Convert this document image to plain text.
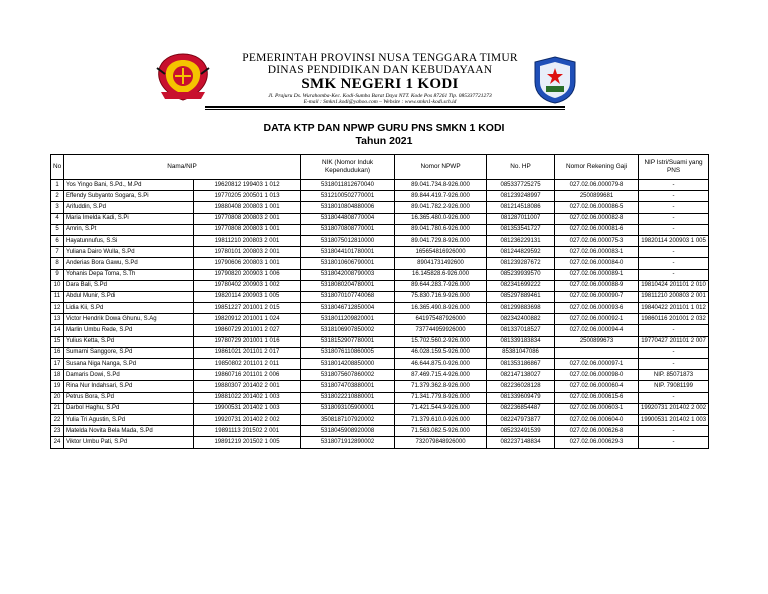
PEMERINTAH PROVINSI NUSA TENGGARA TIMUR
DINAS PENDIDIKAN DAN KEBUDAYAAN
SMK NEGERI 1 KODI
Jl. Prajuru Ds. Wurahomba-Kec. Kodi-Sumba Barat Daya NTT. Kode Pos 87261 Tlp. 085337721273
E-mail : Smkn1.kodi@yahoo.com – Website : www.smkn1-kodi.sch.id
DATA KTP DAN NPWP GURU PNS SMKN 1 KODI
Tahun 2021
No	Nama/NIP		NIK (Nomor Induk Kependudukan)	Nomor NPWP	No. HP	Nomor Rekening Gaji	NIP Istri/Suami yang PNS
1	Yos Yingo Bani, S.Pd., M.Pd	19620812 199403 1 012	5318011812670040	89.041.734.8-926.000	085337725275	027.02.06.000079-8	-
2	Effendy Subyanto Sogara, S.Pi	19770205 200501 1 013	5312100502770001	89.844.419.7-926.000	081239248997	2500899681	-
3	Arifuddin, S.Pd	19880408 200803 1 001	5318010804880006	89.041.782.2-926.000	081214518086	027.02.06.000086-5	-
4	Maria Imelda Kadi, S.Pi	19770808 200803 2 001	5318044808770004	16.365.480.0-926.000	081287011007	027.02.06.000082-8	-
5	Amrin, S.Pt	19770808 200803 1 001	5318070808770001	89.041.780.6-926.000	081353541727	027.02.06.000081-6	-
6	Hayatunnufus, S.Si	19811210 200803 2 001	5318075012810000	89.041.729.8-926.000	081236229131	027.02.06.000075-3	19820114 200903 1 005
7	Yuliana Dairo Wulla, S.Pd	19780101 200803 2 001	5318044101780001	165654816926000	081244829592	027.02.06.000083-1	-
8	Anderias Bora Gawu, S.Pd	19790606 200803 1 001	5318010606790001	89041731492600	081239287672	027.02.06.000084-0	-
9	Yohanis Depa Toma, S.Th	19790820 200903 1 006	5318042008790003	16.145828.6-926.000	085239939570	027.02.06.000089-1	-
10	Dara Bali, S.Pd	19780402 200903 1 002	5318080204780001	89.644.283.7-926.000	082341699222	027.02.06.000088-9	19810424 201101 2 010
11	Abdul Munir, S.Pdi	19820114 200903 1 005	5318070107740068	75.830.716.9-926.000	085297889461	027.02.06.000090-7	19811210 200803 2 001
12	Lidia Kii, S.Pd	19851227 201001 2 015	5318046712850004	16.365.490.8-926.000	081299883698	027.02.06.000093-6	19840422 201101 1 012
13	Victor Hendrik Dowa Ghunu, S.Ag	19820912 201001 1 024	5318011209820001	641975487926000	082342400882	027.02.06.000092-1	19860116 201001 2 032
14	Marlin Umbu Rede, S.Pd	19860729 201001 2 027	5318106907850002	737744959926000	081337018527	027.02.06.000094-4	-
15	Yulius Ketta, S.Pd	19780729 201001 1 016	5318152907780001	15.702.560.2-926.000	081339183834	2500899673	19770427 201101 2 007
16	Sumarni Sanggore, S.Pd	19861021 201101 2 017	5318076110860005	46.028.159.5-926.000	85381047086		-
17	Susana Niga Nanga, S.Pd	19850802 201101 2 011	5318014208850000	46.644.875.0-926.000	081353186867	027.02.06.000097-1	-
18	Damaris Dowi, S.Pd	19860716 201101 2 006	5318075607860002	87.469.715.4-926.000	082147138027	027.02.06.000098-0	NIP. 85071873
19	Rina Nur Indahsari, S.Pd	19880307 201402 2 001	5318074703880001	71.379.362.8-926.000	082236028128	027.02.06.000060-4	NIP. 79081199
20	Petrus Bora, S.Pd	19881022 201402 1 003	5318022210880001	71.341.779.8-926.000	081339609479	027.02.06.000615-6	-
21	Darbol Haghu, S.Pd	19900531 201402 1 003	5318093105900001	71.421.544.9-926.000	082236854487	027.02.06.000603-1	19920731 201402 2 002
22	Yulia Tri Agustin, S.Pd	19920731 201402 2 002	3508187107920002	71.379.610.0-926.000	082247973877	027.02.06.000604-0	19900531 201402 1 003
23	Matelda Novita Bela Mada, S.Pd	19891113 201502 2 001	5318045908920008	71.563.082.5-926.000	085232491539	027.02.06.000626-8	-
24	Viktor Umbu Pati, S.Pd	19891219 201502 1 005	5318071912890002	732079848926000	082237148834	027.02.06.000629-3	-
